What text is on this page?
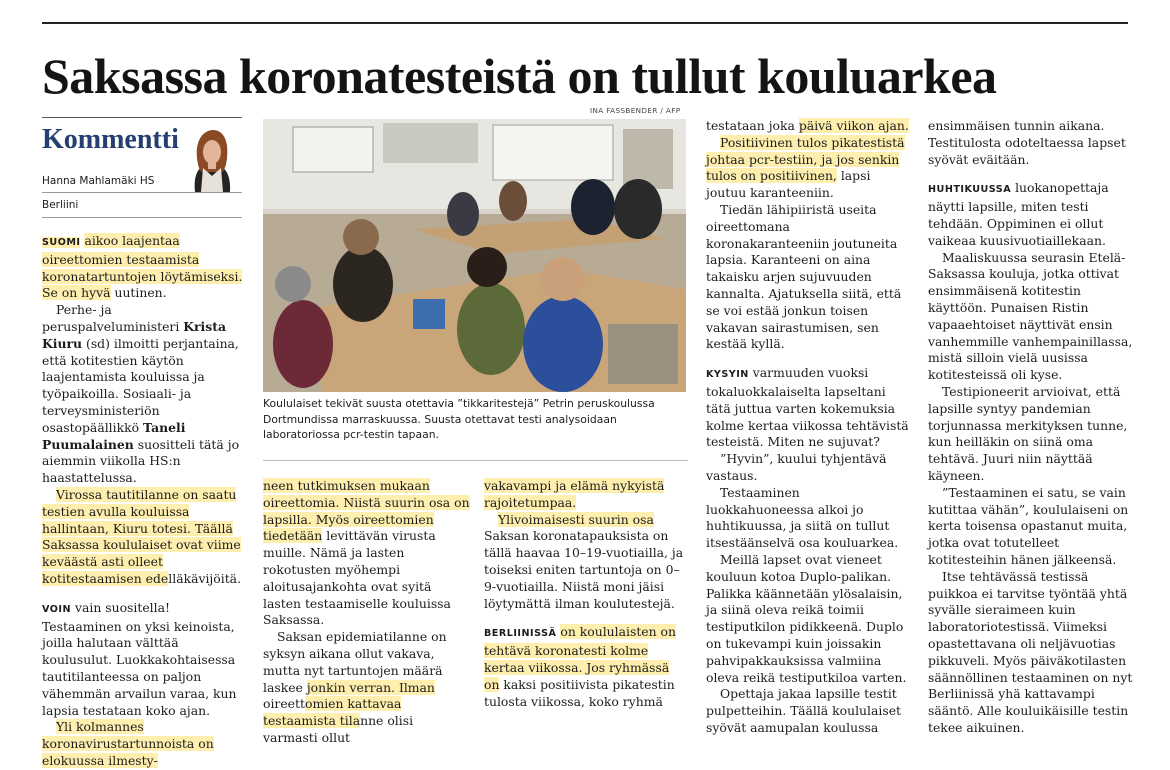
Saksassa koronatesteistä on tullut kouluarkea
Kommentti
Hanna Mahlamäki HS
Berliini

SUOMI aikoo laajentaa oireettomien testaamista koronatartuntojen löytämiseksi. Se on hyvä uutinen.

Perhe- ja peruspalveluministeri Krista Kiuru (sd) ilmoitti perjantaina, että kotitestien käytön laajentamista kouluissa ja työpaikoilla. Sosiaali- ja terveysministeriön osastopäällikkö Taneli Puumalainen suositteli tätä jo aiemmin viikolla HS:n haastattelussa.

Virossa tautitilanne on saatu testien avulla kouluissa hallintaan, Kiuru totesi. Täällä Saksassa koululaiset ovat viime keväästä asti olleet kotitestaamisen edelläkävijöitä.

VOIN vain suositella! Testaaminen on yksi keinoista, joilla halutaan välttää koulusulut. Luokkakohtaisessa tautitilanteessa on paljon vähemmän arvailun varaa, kun lapsia testataan koko ajan.

Yli kolmannes koronavirustartunnoista on elokuussa ilmesty-

INA FASSBENDER / AFP
Koululaiset tekivät suusta otettavia ”tikkaritestejä” Petrin peruskoulussa Dortmundissa marraskuussa. Suusta otettavat testi analysoidaan laboratoriossa pcr-testin tapaan.

neen tutkimuksen mukaan oireettomia. Niistä suurin osa on lapsilla. Myös oireettomien tiedetään levittävän virusta muille. Nämä ja lasten rokotusten myöhempi aloitusajankohta ovat syitä lasten testaamiselle kouluissa Saksassa.

Saksan epidemiatilanne on syksyn aikana ollut vakava, mutta nyt tartuntojen määrä laskee jonkin verran. Ilman oireettomien kattavaa testaamista tilanne olisi varmasti ollut

vakavampi ja elämä nykyistä rajoitetumpaa.

Ylivoimaisesti suurin osa Saksan koronatapauksista on tällä haavaa 10–19-vuotiailla, ja toiseksi eniten tartuntoja on 0–9-vuotiailla. Niistä moni jäisi löytymättä ilman koulutestejä.

BERLIINISSÄ on koululaisten on tehtävä koronatesti kolme kertaa viikossa. Jos ryhmässä on kaksi positiivista pikatestin tulosta viikossa, koko ryhmä

testataan joka päivä viikon ajan.

Positiivinen tulos pikatestistä johtaa pcr-testiin, ja jos senkin tulos on positiivinen, lapsi joutuu karanteeniin.

Tiedän lähipiiristä useita oireettomana koronakaranteeniin joutuneita lapsia. Karanteeni on aina takaisku arjen sujuvuuden kannalta. Ajatuksella siitä, että se voi estää jonkun toisen vakavan sairastumisen, sen kestää kyllä.

KYSYIN varmuuden vuoksi tokaluokkalaiselta lapseltani tätä juttua varten kokemuksia kolme kertaa viikossa tehtävistä testeistä. Miten ne sujuvat?

”Hyvin”, kuului tyhjentävä vastaus.

Testaaminen luokkahuoneessa alkoi jo huhtikuussa, ja siitä on tullut itsestäänselvä osa kouluarkea.

Meillä lapset ovat vieneet kouluun kotoa Duplo-palikan. Palikka käännetään ylösalaisin, ja siinä oleva reikä toimii testiputkilon pidikkeenä. Duplo on tukevampi kuin joissakin pahvipakkauksissa valmiina oleva reikä testiputkiloa varten.

Opettaja jakaa lapsille testit pulpetteihin. Täällä koululaiset syövät aamupalan koulussa

ensimmäisen tunnin aikana. Testitulosta odoteltaessa lapset syövät eväitään.

HUHTIKUUSSA luokanopettaja näytti lapsille, miten testi tehdään. Oppiminen ei ollut vaikeaa kuusivuotiaillekaan.

Maaliskuussa seurasin Etelä-Saksassa kouluja, jotka ottivat ensimmäisenä kotitestin käyttöön. Punaisen Ristin vapaaehtoiset näyttivät ensin vanhemmille vanhempainillassa, mistä silloin vielä uusissa kotitesteissä oli kyse.

Testipioneerit arvioivat, että lapsille syntyy pandemian torjunnassa merkityksen tunne, kun heilläkin on siinä oma tehtävä. Juuri niin näyttää käyneen.

”Testaaminen ei satu, se vain kutittaa vähän”, koululaiseni on kerta toisensa opastanut muita, jotka ovat totutelleet kotitesteihin hänen jälkeensä.

Itse tehtävässä testissä puikkoa ei tarvitse työntää yhtä syvälle sieraimeen kuin laboratoriotestissä. Viimeksi opastettavana oli neljävuotias pikkuveli. Myös päiväkotilasten säännöllinen testaaminen on nyt Berliinissä yhä kattavampi sääntö. Alle kouluikäisille testin tekee aikuinen.
